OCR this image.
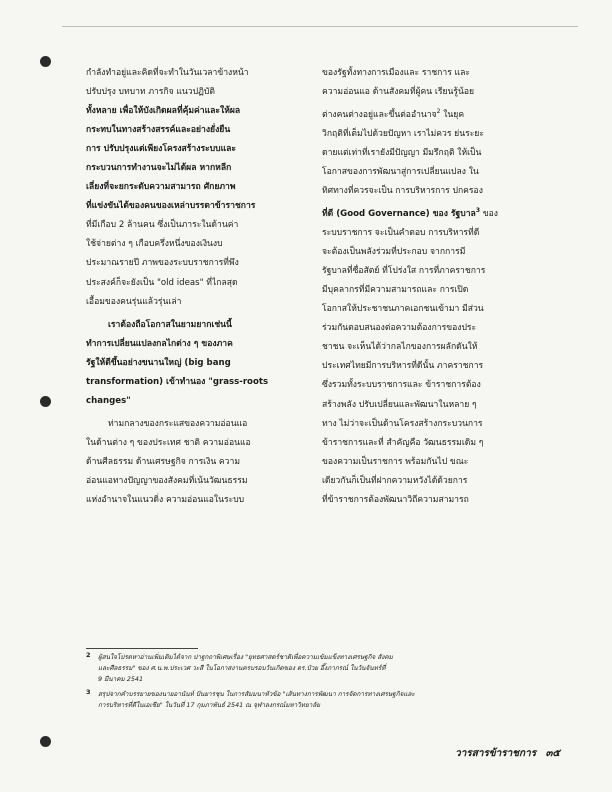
กำลังทำอยู่และคิดที่จะทำในวันเวลาข้างหน้า
ปรับปรุง บทบาท ภารกิจ แนวปฏิบัติ
ทั้งหลาย เพื่อให้บังเกิดผลที่คุ้มค่าและให้ผล
กระทบในทางสร้างสรรค์และอย่างยั่งยืน
การ ปรับปรุงแต่เพียงโครงสร้างระบบและ
กระบวนการทำงานจะไม่ได้ผล หากหลีก
เลี่ยงที่จะยกระดับความสามารถ ศักยภาพ
ที่แข่งขันได้ของคนของเหล่าบรรดาข้าราชการ
ที่มีเกือบ 2 ล้านคน ซึ่งเป็นภาระในด้านค่า
ใช้จ่ายต่าง ๆ เกือบครึ่งหนึ่งของเงินงบ
ประมาณรายปี ภาพของระบบราชการที่พึง
ประสงค์ก็จะยังเป็น "old ideas" ที่ไกลสุด
เอื้อมของคนรุ่นแล้วรุ่นเล่า
เราต้องถือโอกาสในยามยากเช่นนี้
ทำการเปลี่ยนแปลงกลไกต่าง ๆ ของภาค
รัฐให้ดีขึ้นอย่างขนานใหญ่ (big bang
transformation) เข้าทำนอง "grass-roots
changes"
ท่ามกลางของกระแสของความอ่อนแอ
ในด้านต่าง ๆ ของประเทศ ชาติ ความอ่อนแอ
ด้านศีลธรรม ด้านเศรษฐกิจ การเงิน ความ
อ่อนแอทางปัญญาของสังคมที่เน้นวัฒนธรรม
แห่งอำนาจในแนวดิ่ง ความอ่อนแอในระบบ
ของรัฐทั้งทางการเมืองและ ราชการ และ
ความอ่อนแอ ด้านสังคมที่ผู้คน เรียนรู้น้อย
ต่างคนต่างอยู่และขึ้นต่ออำนาจ$^2$ ในยุค
วิกฤติที่เต็มไปด้วยปัญหา เราไม่ควร ย่นระยะ
ดายแต่เท่าที่เรายังมีปัญญา มีมรึกฤติ ให้เป็น
โอกาสของการพัฒนาสู่การเปลี่ยนแปลง ใน
ทิศทางที่ควรจะเป็น การบริหารการ ปกครอง
ที่ดี (Good Governance) ของ รัฐบาล$^3$ ของ
ระบบราชการ จะเป็นคำตอบ การบริหารที่ดี
จะต้องเป็นพลังร่วมที่ประกอบ จากการมี
รัฐบาลที่ซื่อสัตย์ ที่โปร่งใส การที่ภาคราชการ
มีบุคลากรที่มีความสามารถและ การเปิด
โอกาสให้ประชาชนภาคเอกชนเข้ามา มีส่วน
ร่วมกันตอบสนองต่อความต้องการของประ
ชาชน จะเห็นได้ว่ากลไกของการผลักดันให้
ประเทศไทยมีการบริหารที่ดีนั้น ภาคราชการ
ซึ่งรวมทั้งระบบราชการและ ข้าราชการต้อง
สร้างพลัง ปรับเปลี่ยนและพัฒนาในหลาย ๆ
ทาง ไม่ว่าจะเป็นด้านโครงสร้างกระบวนการ
ข้าราชการและที่ สำคัญคือ วัฒนธรรมเดิม ๆ
ของความเป็นราชการ พร้อมกันไป ขณะ
เดียวกันก็เป็นที่ฝากความหวังได้ด้วยการ
ที่ข้าราชการต้องพัฒนาวิถีความสามารถ
2 ผู้สนใจโปรดหาอ่านเพิ่มเติมได้จาก ปาฐกถาพิเศษเรื่อง "ยุทธศาสตร์ชาติเพื่อความเข้มแข็งทางเศรษฐกิจ สังคม
และศีลธรรม" ของ ศ.น.พ.ประเวศ วะสี ในโอกาสงานครบรอบวันเกิดของ ดร.ป๋วย อึ๊งภากรณ์ ในวันจันทร์ที่
9 มีนาคม 2541
3 สรุปจากคำบรรยายของนายอานันท์ ปันยารชุน ในการสัมมนาหัวข้อ "เส้นทางการพัฒนา การจัดการทางเศรษฐกิจและ
การบริหารที่ดีในเอเชีย" ในวันที่ 17 กุมภาพันธ์ 2541 ณ จุฬาลงกรณ์มหาวิทยาลัย
วารสารข้าราชการ ๓๕
